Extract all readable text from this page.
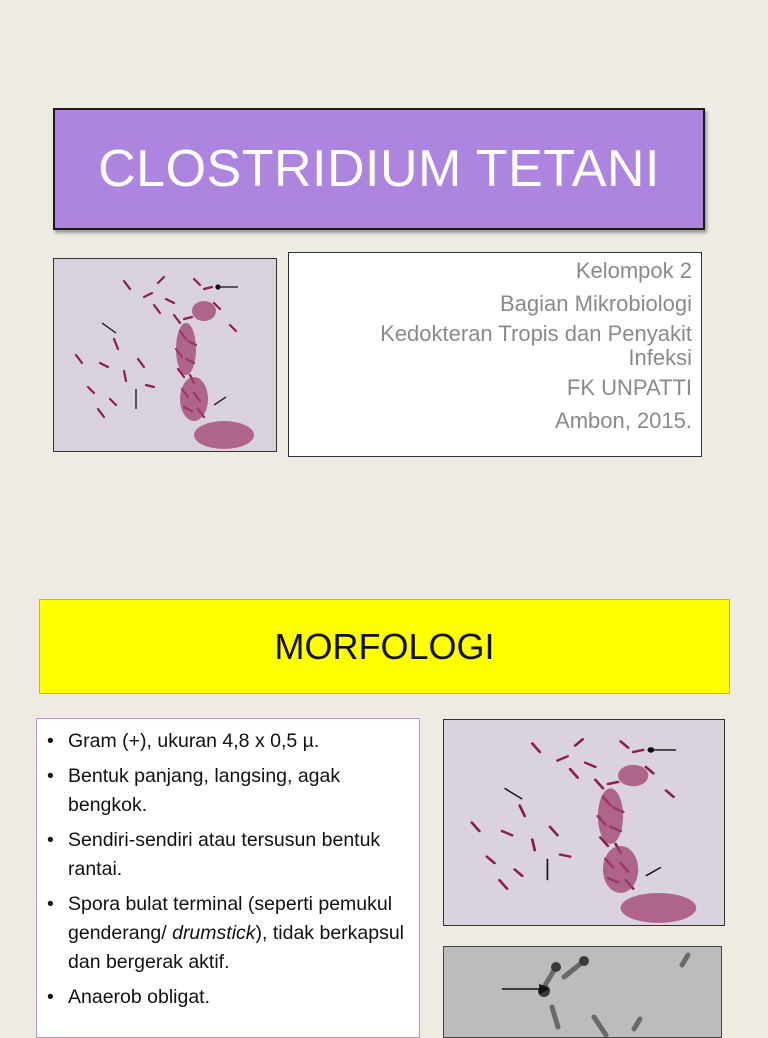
CLOSTRIDIUM TETANI
Kelompok 2
Bagian Mikrobiologi
Kedokteran Tropis dan Penyakit
Infeksi
FK UNPATTI
Ambon, 2015.
MORFOLOGI
• Gram (+), ukuran 4,8 x 0,5 µ.
• Bentuk panjang, langsing, agak bengkok.
• Sendiri-sendiri atau tersusun bentuk rantai.
• Spora bulat terminal (seperti pemukul genderang/ drumstick), tidak berkapsul dan bergerak aktif.
• Anaerob obligat.
